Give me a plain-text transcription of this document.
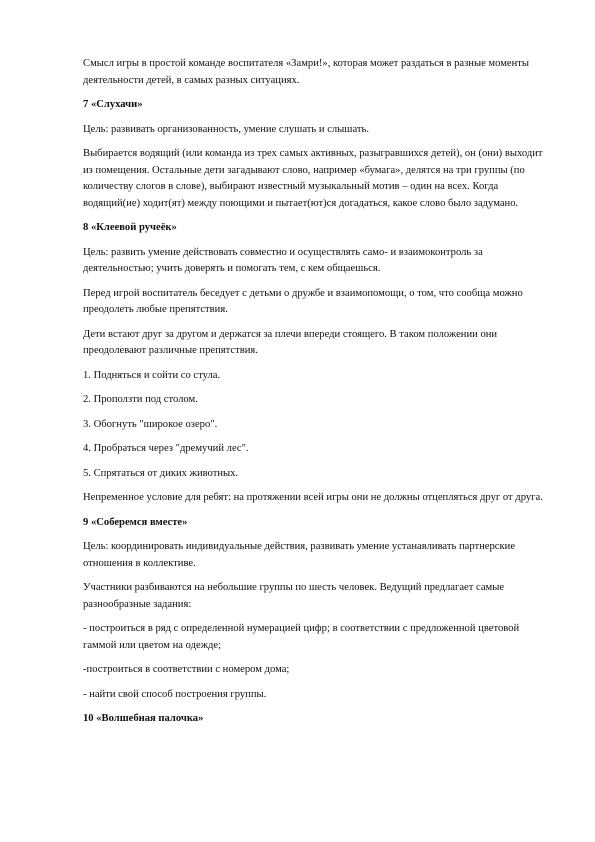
Смысл игры в простой команде воспитателя «Замри!», которая может раздаться в разные моменты деятельности детей, в самых разных ситуациях.

7 «Слухачи»

Цель: развивать организованность, умение слушать и слышать.

Выбирается водящий (или команда из трех самых активных, разыгравшихся детей), он (они) выходит из помещения. Остальные дети загадывают слово, например «бумага», делятся на три группы (по количеству слогов в слове), выбирают известный музыкальный мотив – один на всех. Когда водящий(ие) ходит(ят) между поющими и пытает(ют)ся догадаться, какое слово было задумано.

8 «Клеевой ручеёк»

Цель: развить умение действовать совместно и осуществлять само- и взаимоконтроль за деятельностью; учить доверять и помогать тем, с кем общаешься.

Перед игрой воспитатель беседует с детьми о дружбе и взаимопомощи, о том, что сообща можно преодолеть любые препятствия.

Дети встают друг за другом и держатся за плечи впереди стоящего. В таком положении они преодолевают различные препятствия.

1. Подняться и сойти со стула.

2. Проползти под столом.

3. Обогнуть "широкое озеро".

4. Пробраться через "дремучий лес".

5. Спрятаться от диких животных.

Непременное условие для ребят: на протяжении всей игры они не должны отцепляться друг от друга.

9 «Соберемся вместе»

Цель: координировать индивидуальные действия, развивать умение устанавливать партнерские отношения в коллективе.

Участники разбиваются на небольшие группы по шесть человек. Ведущий предлагает самые разнообразные задания:

- построиться в ряд с определенной нумерацией цифр; в соответствии с предложенной цветовой гаммой или цветом на одежде;

-построиться в соответствии с номером дома;

- найти свой способ построения группы.

10 «Волшебная палочка»
